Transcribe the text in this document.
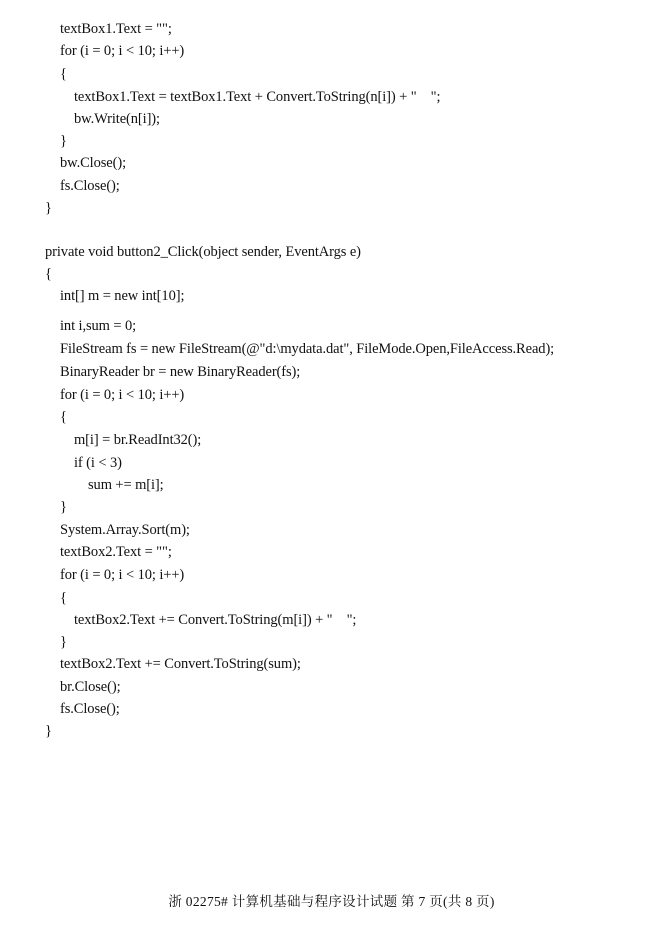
textBox1.Text = "";
for (i = 0; i < 10; i++)
{
textBox1.Text = textBox1.Text + Convert.ToString(n[i]) + "    ";
bw.Write(n[i]);
}
bw.Close();
fs.Close();
}
private void button2_Click(object sender, EventArgs e)
{
int[] m = new int[10];
int i,sum = 0;
FileStream fs = new FileStream(@"d:\mydata.dat", FileMode.Open,FileAccess.Read);
BinaryReader br = new BinaryReader(fs);
for (i = 0; i < 10; i++)
{
m[i] = br.ReadInt32();
if (i < 3)
sum += m[i];
}
System.Array.Sort(m);
textBox2.Text = "";
for (i = 0; i < 10; i++)
{
textBox2.Text += Convert.ToString(m[i]) + "    ";
}
textBox2.Text += Convert.ToString(sum);
br.Close();
fs.Close();
}
浙 02275# 计算机基础与程序设计试题 第 7 页(共 8 页)
